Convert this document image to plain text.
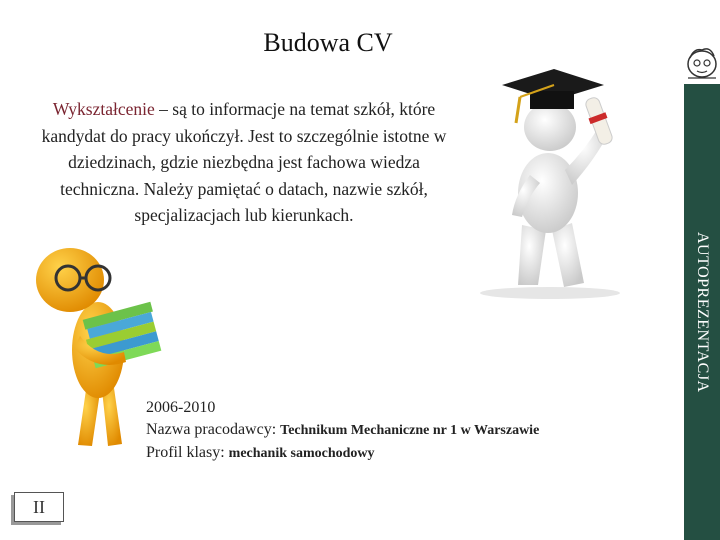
Budowa CV
Wykształcenie – są to informacje na temat szkół, które kandydat do pracy ukończył. Jest to szczególnie istotne w dziedzinach, gdzie niezbędna jest fachowa wiedza techniczna. Należy pamiętać o datach, nazwie szkół, specjalizacjach lub kierunkach.
2006-2010
Nazwa pracodawcy: Technikum Mechaniczne nr 1 w Warszawie
Profil klasy: mechanik samochodowy
AUTOPREZENTACJA
II
